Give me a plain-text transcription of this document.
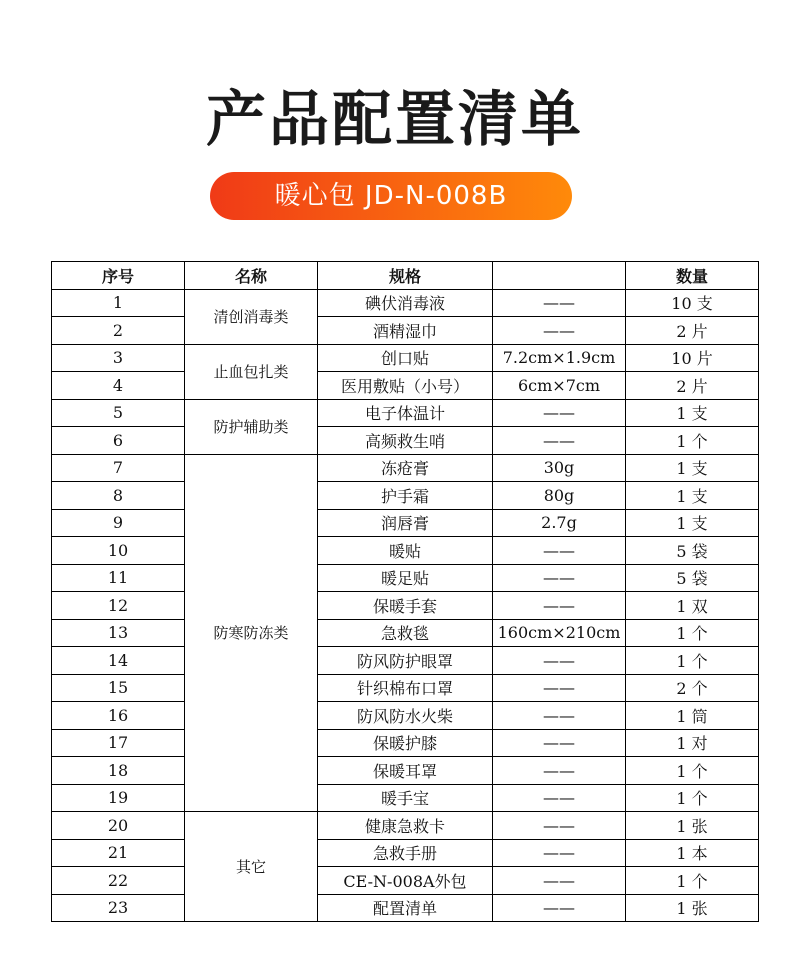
产品配置清单
暖心包 JD-N-008B
序号	名称	规格		数量
1	清创消毒类	碘伏消毒液	——	10 支
2		酒精湿巾	——	2 片
3	止血包扎类	创口贴	7.2cm×1.9cm	10 片
4		医用敷贴（小号）	6cm×7cm	2 片
5	防护辅助类	电子体温计	——	1 支
6		高频救生哨	——	1 个
7	防寒防冻类	冻疮膏	30g	1 支
8		护手霜	80g	1 支
9		润唇膏	2.7g	1 支
10		暖贴	——	5 袋
11		暖足贴	——	5 袋
12		保暖手套	——	1 双
13		急救毯	160cm×210cm	1 个
14		防风防护眼罩	——	1 个
15		针织棉布口罩	——	2 个
16		防风防水火柴	——	1 筒
17		保暖护膝	——	1 对
18		保暖耳罩	——	1 个
19		暖手宝	——	1 个
20	其它	健康急救卡	——	1 张
21		急救手册	——	1 本
22		CE-N-008A外包	——	1 个
23		配置清单	——	1 张
